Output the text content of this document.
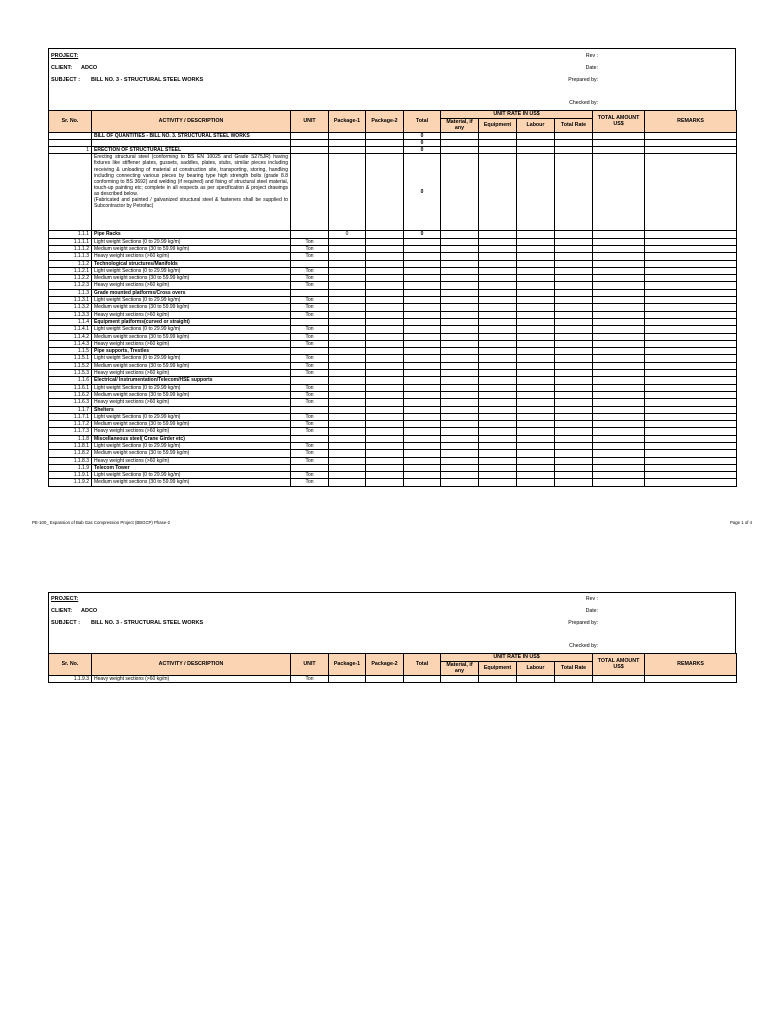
PROJECT:
CLIENT: ADCO
SUBJECT : BILL NO. 3 - STRUCTURAL STEEL WORKS
Rev :
Date:
Prepared by:
Checked by:
Sr. No.	ACTIVITY / DESCRIPTION	UNIT	Package-1	Package-2	Total	UNIT RATE IN US$				TOTAL AMOUNT US$	REMARKS
						Material, if any	Equipment	Labour	Total Rate		
	BILL OF QUANTITIES - BILL NO. 3. STRUCTURAL STEEL WORKS				0						
					0						
1	ERECTION OF STRUCTURAL STEEL				0						
	Erecting structural steel (conforming to BS EN 10025 and Grade S275JR) having fixtures like stiffener plates, gussets, saddles, plates, stubs, similar pieces including receiving & unloading of material at construction site, transporting, storing, handling including connecting various pieces by bearing type high strength bolts (grade 8.8 conforming to BS 3692) and welding (if required) and fixing of structural steel material, touch-up painting etc; complete in all respects as per specification & project drawings as described below.
(Fabricated and painted / galvanized structural steel & fasteners shall be supplied to Subcontractor by Petrofac)				0						
1.1.1	Pipe Racks		0		0						
1.1.1.1	Light weight Sections (0 to 29.99 kg/m)	Ton									
1.1.1.2	Medium weight sections (30 to 59.99 kg/m)	Ton									
1.1.1.3	Heavy weight sections (>60 kg/m)	Ton									
1.1.2	Technological structures/Manifolds										
1.1.2.1	Light weight Sections (0 to 29.99 kg/m)	Ton									
1.1.2.2	Medium weight sections (30 to 59.99 kg/m)	Ton									
1.1.2.3	Heavy weight sections (>60 kg/m)	Ton									
1.1.3	Grade mounted platforms/Cross overs										
1.1.3.1	Light weight Sections (0 to 29.99 kg/m)	Ton									
1.1.3.2	Medium weight sections (30 to 59.99 kg/m)	Ton									
1.1.3.3	Heavy weight sections (>60 kg/m)	Ton									
1.1.4	Equipment platforms(curved or straight)										
1.1.4.1	Light weight Sections (0 to 29.99 kg/m)	Ton									
1.1.4.2	Medium weight sections (30 to 59.99 kg/m)	Ton									
1.1.4.3	Heavy weight sections (>60 kg/m)	Ton									
1.1.5	Pipe supports, Trestles										
1.1.5.1	Light weight Sections (0 to 29.99 kg/m)	Ton									
1.1.5.2	Medium weight sections (30 to 59.99 kg/m)	Ton									
1.1.5.3	Heavy weight sections (>60 kg/m)	Ton									
1.1.6	Electrical/ Instrumentation/Telecom/HSE supports										
1.1.6.1	Light weight Sections (0 to 29.99 kg/m)	Ton									
1.1.6.2	Medium weight sections (30 to 59.99 kg/m)	Ton									
1.1.6.3	Heavy weight sections (>60 kg/m)	Ton									
1.1.7	Shelters										
1.1.7.1	Light weight Sections (0 to 29.99 kg/m)	Ton									
1.1.7.2	Medium weight sections (30 to 59.99 kg/m)	Ton									
1.1.7.3	Heavy weight sections (>60 kg/m)	Ton									
1.1.8	Miscellaneous steel( Crane Girder etc)										
1.1.8.1	Light weight Sections (0 to 29.99 kg/m)	Ton									
1.1.8.2	Medium weight sections (30 to 59.99 kg/m)	Ton									
1.1.8.3	Heavy weight sections (>60 kg/m)	Ton									
1.1.9	Telecom Tower										
1.1.9.1	Light weight Sections (0 to 29.99 kg/m)	Ton									
1.1.9.2	Medium weight sections (30 to 59.99 kg/m)	Ton									
PE-100_ Expansion of Bab Gas Compression Project (BBGCP) Phase-2	Page 1 of 4
PROJECT:
CLIENT: ADCO
SUBJECT : BILL NO. 3 - STRUCTURAL STEEL WORKS
Rev :
Date:
Prepared by:
Checked by:
Sr. No.	ACTIVITY / DESCRIPTION	UNIT	Package-1	Package-2	Total	UNIT RATE IN US$				TOTAL AMOUNT US$	REMARKS
						Material, if any	Equipment	Labour	Total Rate		
1.1.9.3	Heavy weight sections (>60 kg/m)	Ton									
